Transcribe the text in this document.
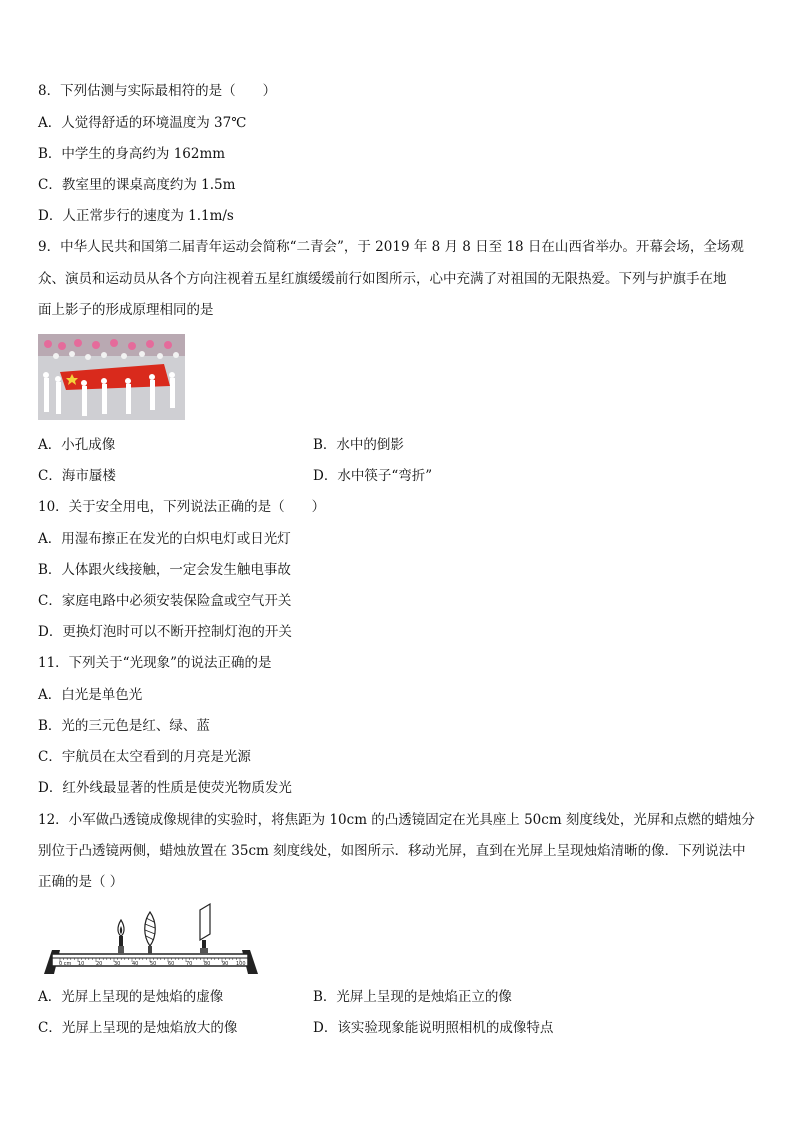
8．下列估测与实际最相符的是（　　）
A．人觉得舒适的环境温度为 37℃
B．中学生的身高约为 162mm
C．教室里的课桌高度约为 1.5m
D．人正常步行的速度为 1.1m/s
9．中华人民共和国第二届青年运动会简称“二青会”，于 2019 年 8 月 8 日至 18 日在山西省举办。开幕会场，全场观
众、演员和运动员从各个方向注视着五星红旗缓缓前行如图所示，心中充满了对祖国的无限热爱。下列与护旗手在地
面上影子的形成原理相同的是
A．小孔成像	B．水中的倒影
C．海市蜃楼	D．水中筷子“弯折”
10．关于安全用电，下列说法正确的是（　　）
A．用湿布擦正在发光的白炽电灯或日光灯
B．人体跟火线接触，一定会发生触电事故
C．家庭电路中必须安装保险盒或空气开关
D．更换灯泡时可以不断开控制灯泡的开关
11．下列关于“光现象”的说法正确的是
A．白光是单色光
B．光的三元色是红、绿、蓝
C．宇航员在太空看到的月亮是光源
D．红外线最显著的性质是使荧光物质发光
12．小军做凸透镜成像规律的实验时，将焦距为 10cm 的凸透镜固定在光具座上 50cm 刻度线处，光屏和点燃的蜡烛分
别位于凸透镜两侧，蜡烛放置在 35cm 刻度线处，如图所示．移动光屏，直到在光屏上呈现烛焰清晰的像．下列说法中
正确的是（ ）
0 cm 10 20 30 40 50 60 70 80 90 100
A．光屏上呈现的是烛焰的虚像	B．光屏上呈现的是烛焰正立的像
C．光屏上呈现的是烛焰放大的像	D．该实验现象能说明照相机的成像特点
